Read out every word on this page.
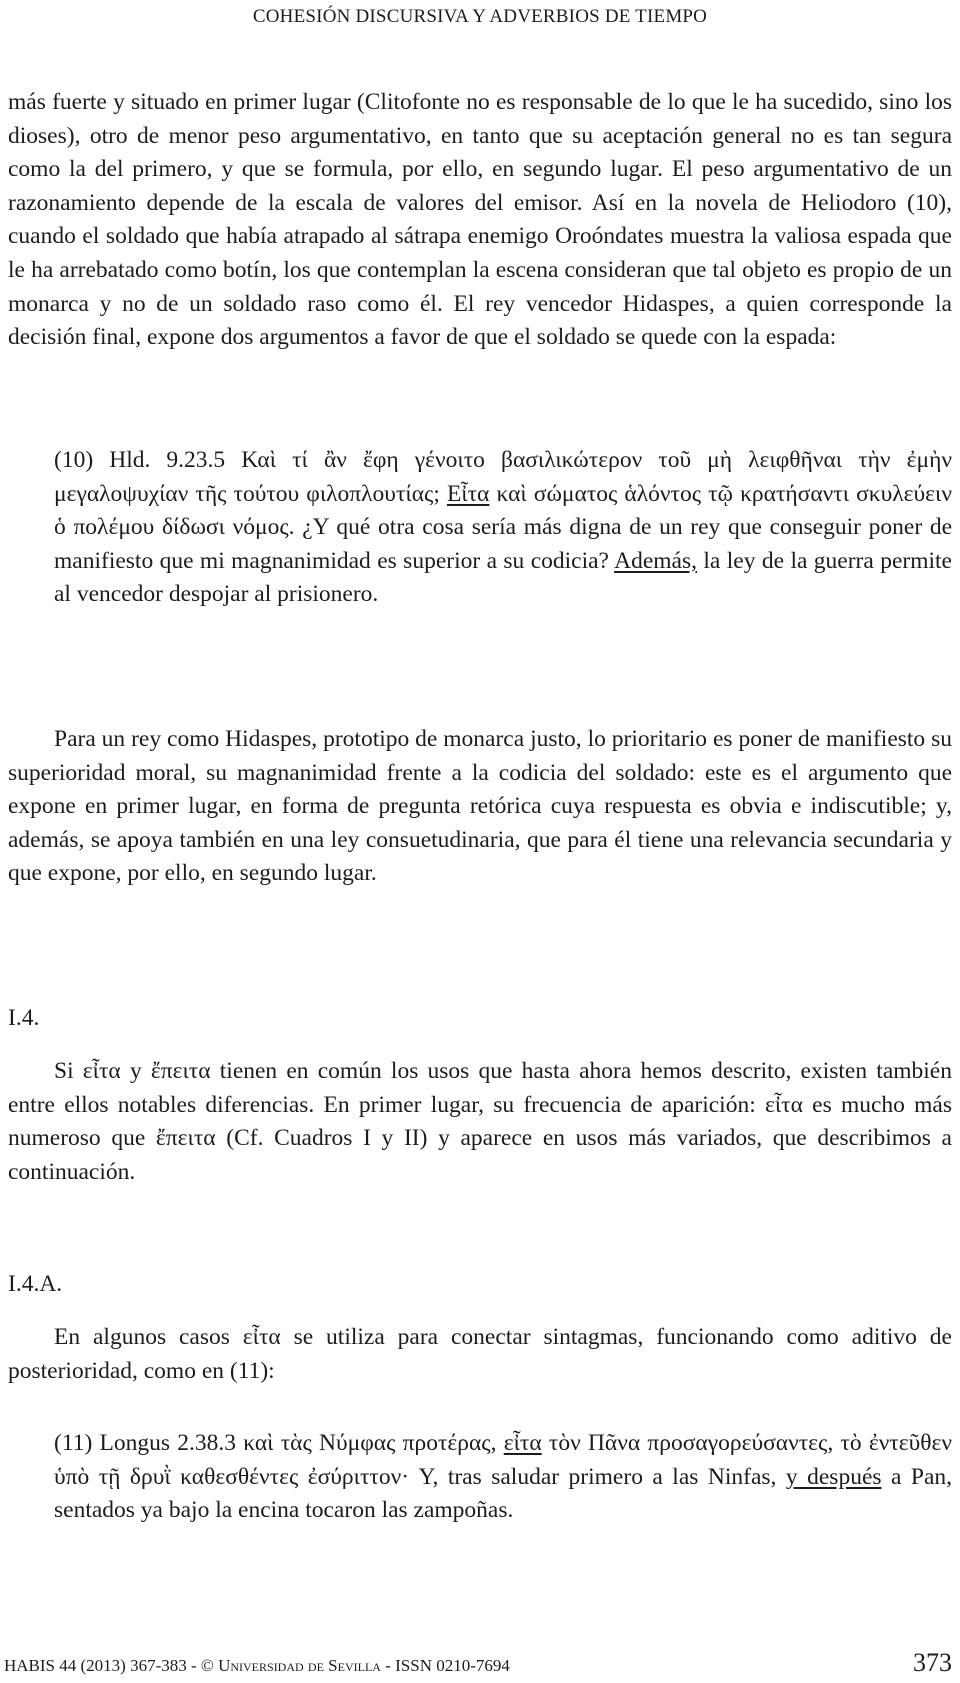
COHESIÓN DISCURSIVA Y ADVERBIOS DE TIEMPO

más fuerte y situado en primer lugar (Clitofonte no es responsable de lo que le ha sucedido, sino los dioses), otro de menor peso argumentativo, en tanto que su aceptación general no es tan segura como la del primero, y que se formula, por ello, en segundo lugar. El peso argumentativo de un razonamiento depende de la escala de valores del emisor. Así en la novela de Heliodoro (10), cuando el soldado que había atrapado al sátrapa enemigo Oroóndates muestra la valiosa espada que le ha arrebatado como botín, los que contemplan la escena consideran que tal objeto es propio de un monarca y no de un soldado raso como él. El rey vencedor Hidaspes, a quien corresponde la decisión final, expone dos argumentos a favor de que el soldado se quede con la espada:

(10) Hld. 9.23.5 Καὶ τί ἂν ἔφη γένοιτο βασιλικώτερον τοῦ μὴ λειφθῆναι τὴν ἐμὴν μεγαλοψυχίαν τῆς τούτου φιλοπλουτίας; Εἶτα καὶ σώματος ἁλόντος τῷ κρατήσαντι σκυλεύειν ὁ πολέμου δίδωσι νόμος. ¿Y qué otra cosa sería más digna de un rey que conseguir poner de manifiesto que mi magnanimidad es superior a su codicia? Además, la ley de la guerra permite al vencedor despojar al prisionero.

Para un rey como Hidaspes, prototipo de monarca justo, lo prioritario es poner de manifiesto su superioridad moral, su magnanimidad frente a la codicia del soldado: este es el argumento que expone en primer lugar, en forma de pregunta retórica cuya respuesta es obvia e indiscutible; y, además, se apoya también en una ley consuetudinaria, que para él tiene una relevancia secundaria y que expone, por ello, en segundo lugar.

I.4.

Si εἶτα y ἔπειτα tienen en común los usos que hasta ahora hemos descrito, existen también entre ellos notables diferencias. En primer lugar, su frecuencia de aparición: εἶτα es mucho más numeroso que ἔπειτα (Cf. Cuadros I y II) y aparece en usos más variados, que describimos a continuación.

I.4.A.

En algunos casos εἶτα se utiliza para conectar sintagmas, funcionando como aditivo de posterioridad, como en (11):

(11) Longus 2.38.3 καὶ τὰς Νύμφας προτέρας, εἶτα τὸν Πᾶνα προσαγορεύσαντες, τὸ ἐντεῦθεν ὑπὸ τῇ δρυῒ καθεσθέντες ἐσύριττον· Y, tras saludar primero a las Ninfas, y después a Pan, sentados ya bajo la encina tocaron las zampoñas.

HABIS 44 (2013) 367-383 - © Universidad de Sevilla - ISSN 0210-7694	373
